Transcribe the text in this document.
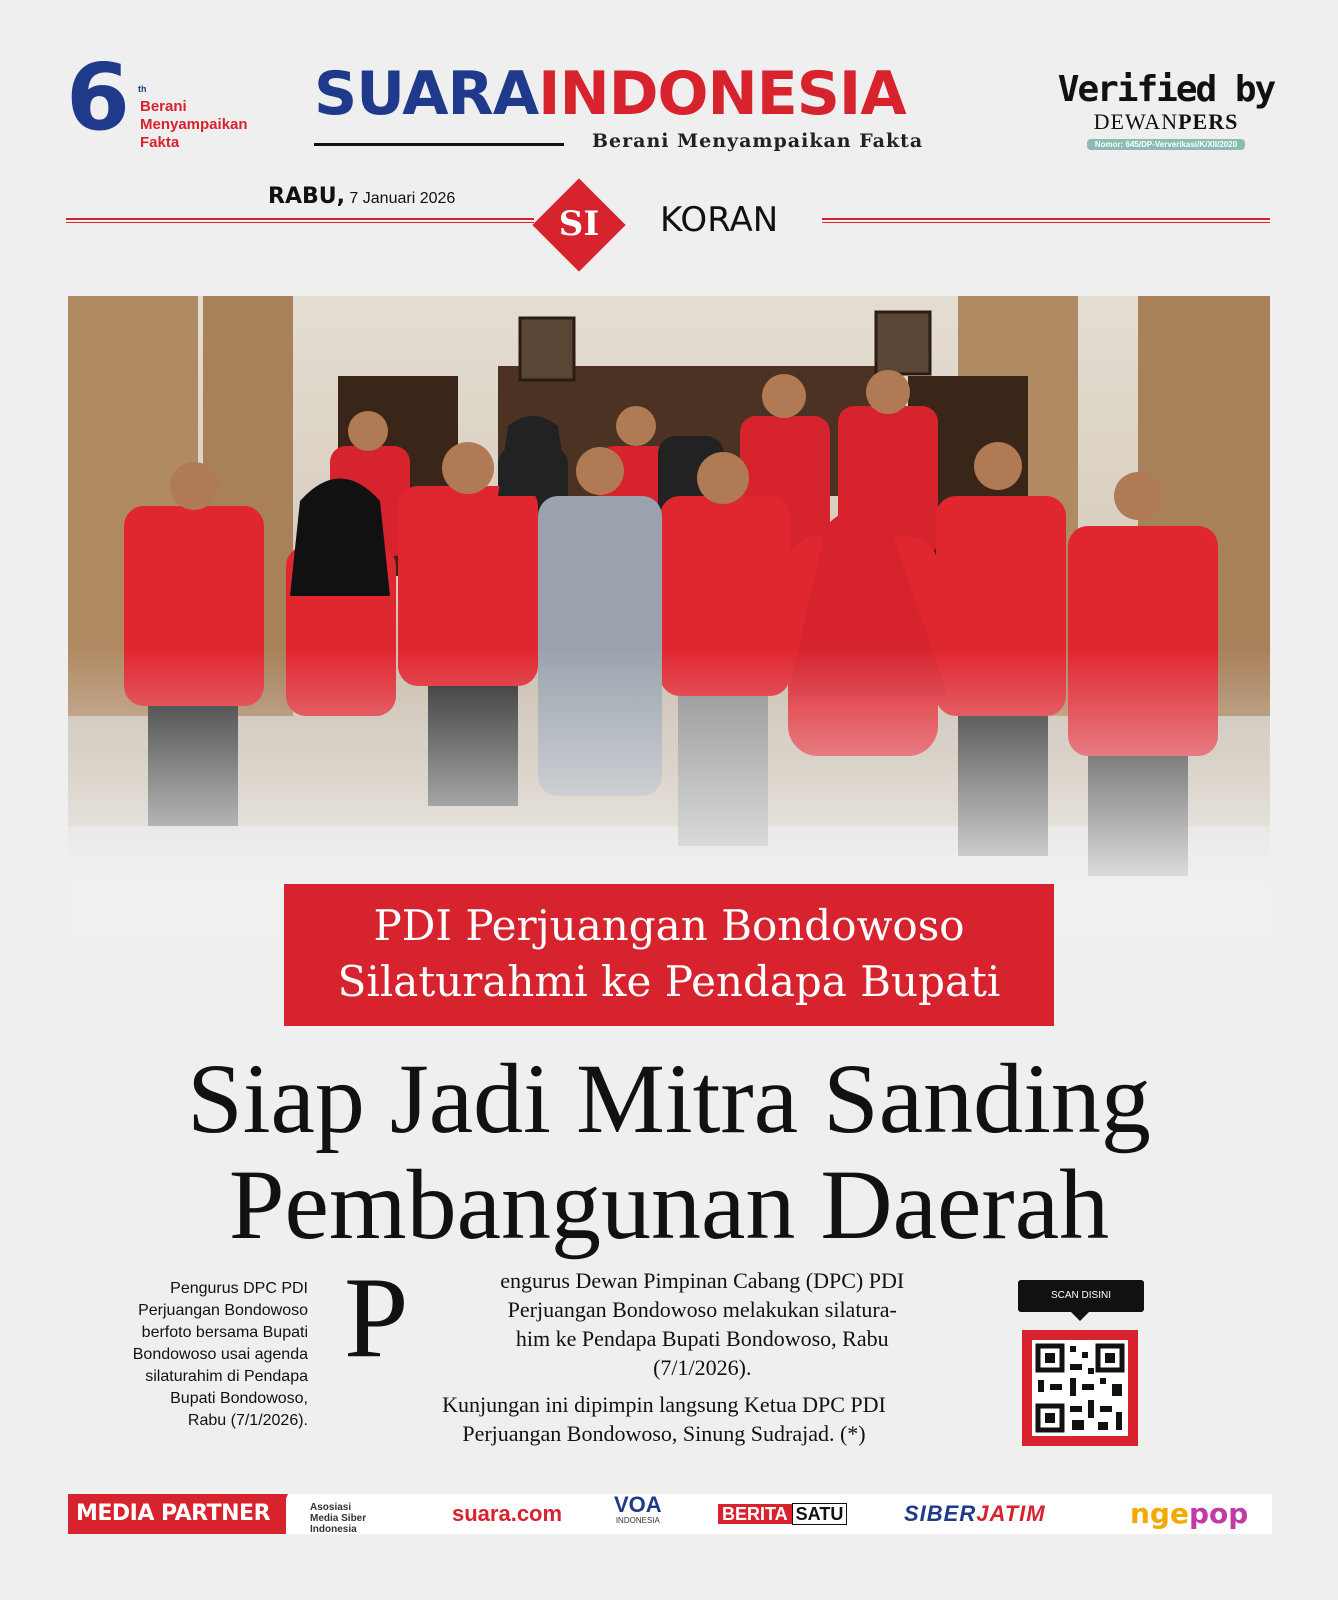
6 th
Berani
Menyampaikan
Fakta
SUARAINDONESIA
Berani Menyampaikan Fakta
Verified by
DEWANPERS
Nomor: 645/DP-Ververikasi/K/XII/2020
RABU, 7 Januari 2026
SI	KORAN
PDI Perjuangan Bondowoso
Silaturahmi ke Pendapa Bupati
Siap Jadi Mitra Sanding
Pembangunan Daerah
Pengurus DPC PDI
Perjuangan Bondowoso
berfoto bersama Bupati
Bondowoso usai agenda
silaturahim di Pendapa
Bupati Bondowoso,
Rabu (7/1/2026).
P	engurus Dewan Pimpinan Cabang (DPC) PDI
Perjuangan Bondowoso melakukan silatura-
him ke Pendapa Bupati Bondowoso, Rabu
(7/1/2026).
Kunjungan ini dipimpin langsung Ketua DPC PDI
Perjuangan Bondowoso, Sinung Sudrajad. (*)
SCAN DISINI
MEDIA PARTNER	Asosiasi
Media Siber
Indonesia
suara.com VOA
INDONESIA	BERITA SATU	SIBERJATIM	ngepop
